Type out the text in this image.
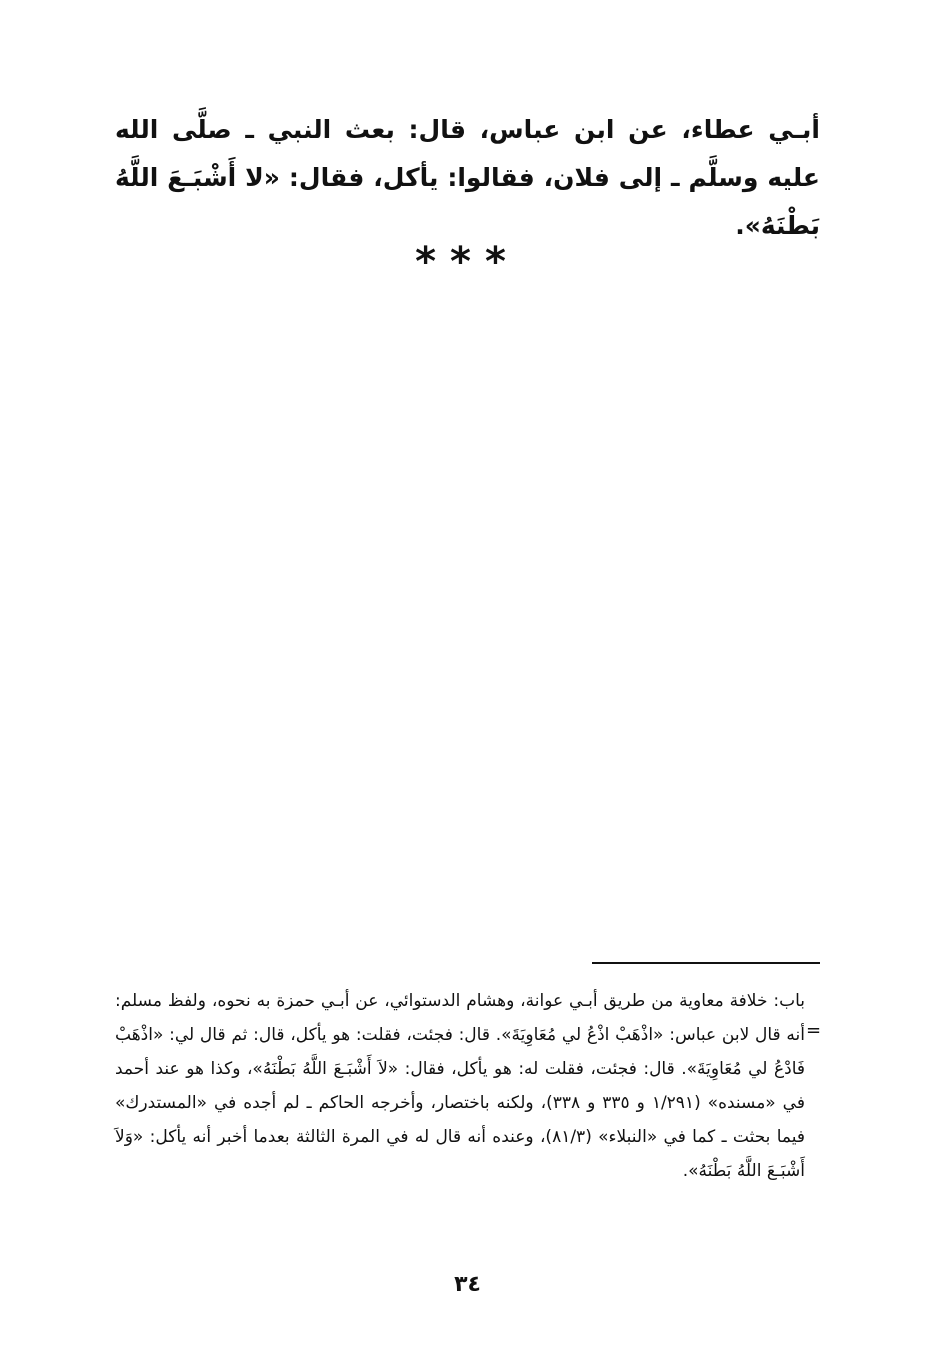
أبـي عطاء، عن ابن عباس، قال: بعث النبي ـ صلَّى الله عليه وسلَّم ـ إلى فلان، فقالوا: يأكل، فقال: «لا أَشْبَـعَ اللَّهُ بَطْنَهُ».

***
=

باب: خلافة معاوية من طريق أبـي عوانة، وهشام الدستوائي، عن أبـي حمزة به نحوه، ولفظ مسلم: أنه قال لابن عباس: «اذْهَبْ اذْعُ لي مُعَاوِيَةَ». قال: فجئت، فقلت: هو يأكل، قال: ثم قال لي: «اذْهَبْ فَادْعُ لي مُعَاوِيَةَ». قال: فجئت، فقلت له: هو يأكل، فقال: «لاَ أَشْبَـعَ اللَّهُ بَطْنَهُ»، وكذا هو عند أحمد في «مسنده» (١/٢٩١ و ٣٣٥ و ٣٣٨)، ولكنه باختصار، وأخرجه الحاكم ـ لم أجده في «المستدرك» فيما بحثت ـ كما في «النبلاء» (٨١/٣)، وعنده أنه قال له في المرة الثالثة بعدما أخبر أنه يأكل: «وَلاَ أَشْبَـعَ اللَّهُ بَطْنَهُ».

٣٤
